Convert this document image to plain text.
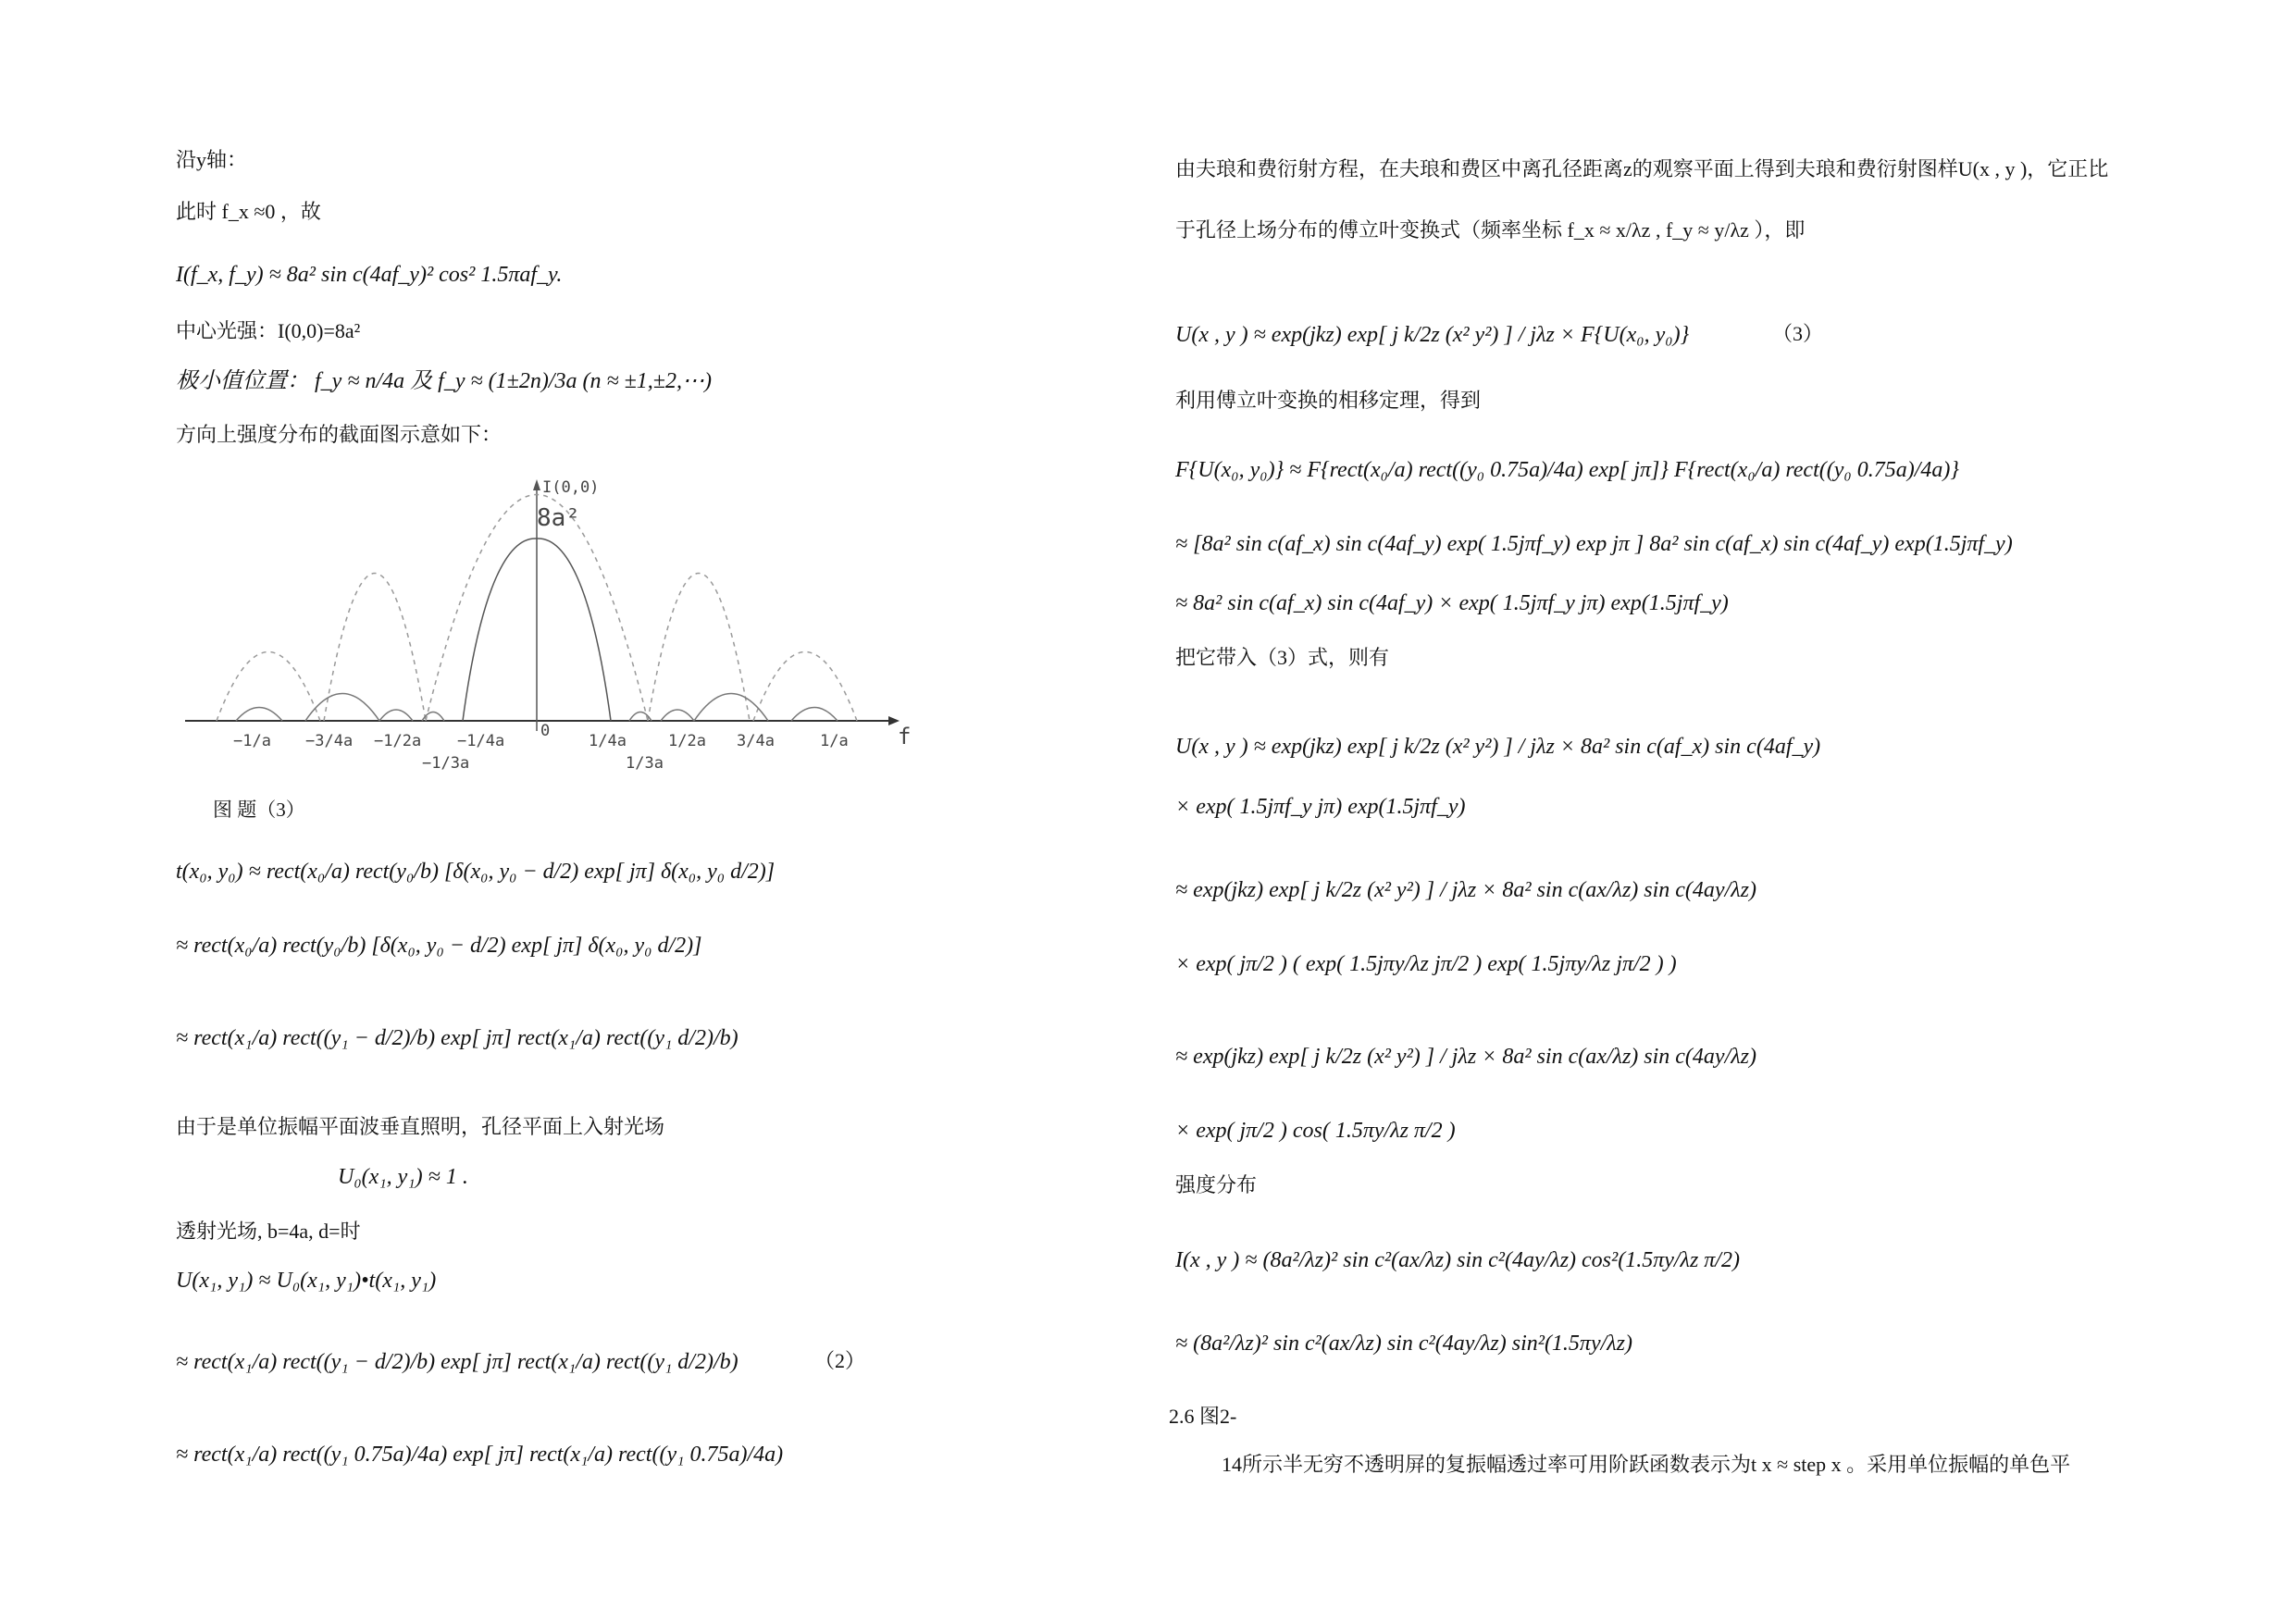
沿y轴：
此时 f_x ≈0 ，故
I(f_x, f_y) ≈ 8a² sin c(4af_y)² cos² 1.5πaf_y.
中心光强：I(0,0)=8a²
极小值位置： f_y ≈ n/4a 及 f_y ≈ (1±2n)/3a (n ≈ ±1,±2,⋯)
方向上强度分布的截面图示意如下：
I(0,0)
8a²
0	f
−1/a −3/4a −1/2a
−1/3a
−1/4a	1/4a
1/3a
1/2a 3/4a	1/a
图 题（3）
t(x₀, y₀) ≈ rect(x₀/a) rect(y₀/b) [δ(x₀, y₀ − d/2) exp[ jπ] δ(x₀, y₀ d/2)]
≈ rect(x₀/a) rect(y₀/b) [δ(x₀, y₀ − d/2) exp[ jπ] δ(x₀, y₀ d/2)]
≈ rect(x₁/a) rect((y₁ − d/2)/b) exp[ jπ] rect(x₁/a) rect((y₁ d/2)/b)
由于是单位振幅平面波垂直照明，孔径平面上入射光场
U₀(x₁, y₁) ≈ 1 .
透射光场, b=4a, d=时
U(x₁, y₁) ≈ U₀(x₁, y₁)•t(x₁, y₁)
≈ rect(x₁/a) rect((y₁ − d/2)/b) exp[ jπ] rect(x₁/a) rect((y₁ d/2)/b)	（2）
≈ rect(x₁/a) rect((y₁ 0.75a)/4a) exp[ jπ] rect(x₁/a) rect((y₁ 0.75a)/4a)
由夫琅和费衍射方程，在夫琅和费区中离孔径距离z的观察平面上得到夫琅和费衍射图样U(x , y )，它正比
于孔径上场分布的傅立叶变换式（频率坐标 f_x ≈ x/λz , f_y ≈ y/λz ），即
U(x , y ) ≈ exp(jkz) exp[ j k/2z (x² y²) ] / jλz × F{U(x₀, y₀)}	（3）
利用傅立叶变换的相移定理，得到
F{U(x₀, y₀)} ≈ F{rect(x₀/a) rect((y₀ 0.75a)/4a) exp[ jπ]} F{rect(x₀/a) rect((y₀ 0.75a)/4a)}
≈ [8a² sin c(af_x) sin c(4af_y) exp( 1.5jπf_y) exp jπ ] 8a² sin c(af_x) sin c(4af_y) exp(1.5jπf_y)
≈ 8a² sin c(af_x) sin c(4af_y) × exp( 1.5jπf_y jπ) exp(1.5jπf_y)
把它带入（3）式，则有
U(x , y ) ≈ exp(jkz) exp[ j k/2z (x² y²) ] / jλz × 8a² sin c(af_x) sin c(4af_y)
× exp( 1.5jπf_y jπ) exp(1.5jπf_y)
≈ exp(jkz) exp[ j k/2z (x² y²) ] / jλz × 8a² sin c(ax/λz) sin c(4ay/λz)
× exp( jπ/2 ) ( exp( 1.5jπy/λz jπ/2 ) exp( 1.5jπy/λz jπ/2 ) )
≈ exp(jkz) exp[ j k/2z (x² y²) ] / jλz × 8a² sin c(ax/λz) sin c(4ay/λz)
× exp( jπ/2 ) cos( 1.5πy/λz π/2 )
强度分布
I(x , y ) ≈ (8a²/λz)² sin c²(ax/λz) sin c²(4ay/λz) cos²(1.5πy/λz π/2)
≈ (8a²/λz)² sin c²(ax/λz) sin c²(4ay/λz) sin²(1.5πy/λz)
2.6 图2-
14所示半无穷不透明屏的复振幅透过率可用阶跃函数表示为t x ≈ step x 。采用单位振幅的单色平
